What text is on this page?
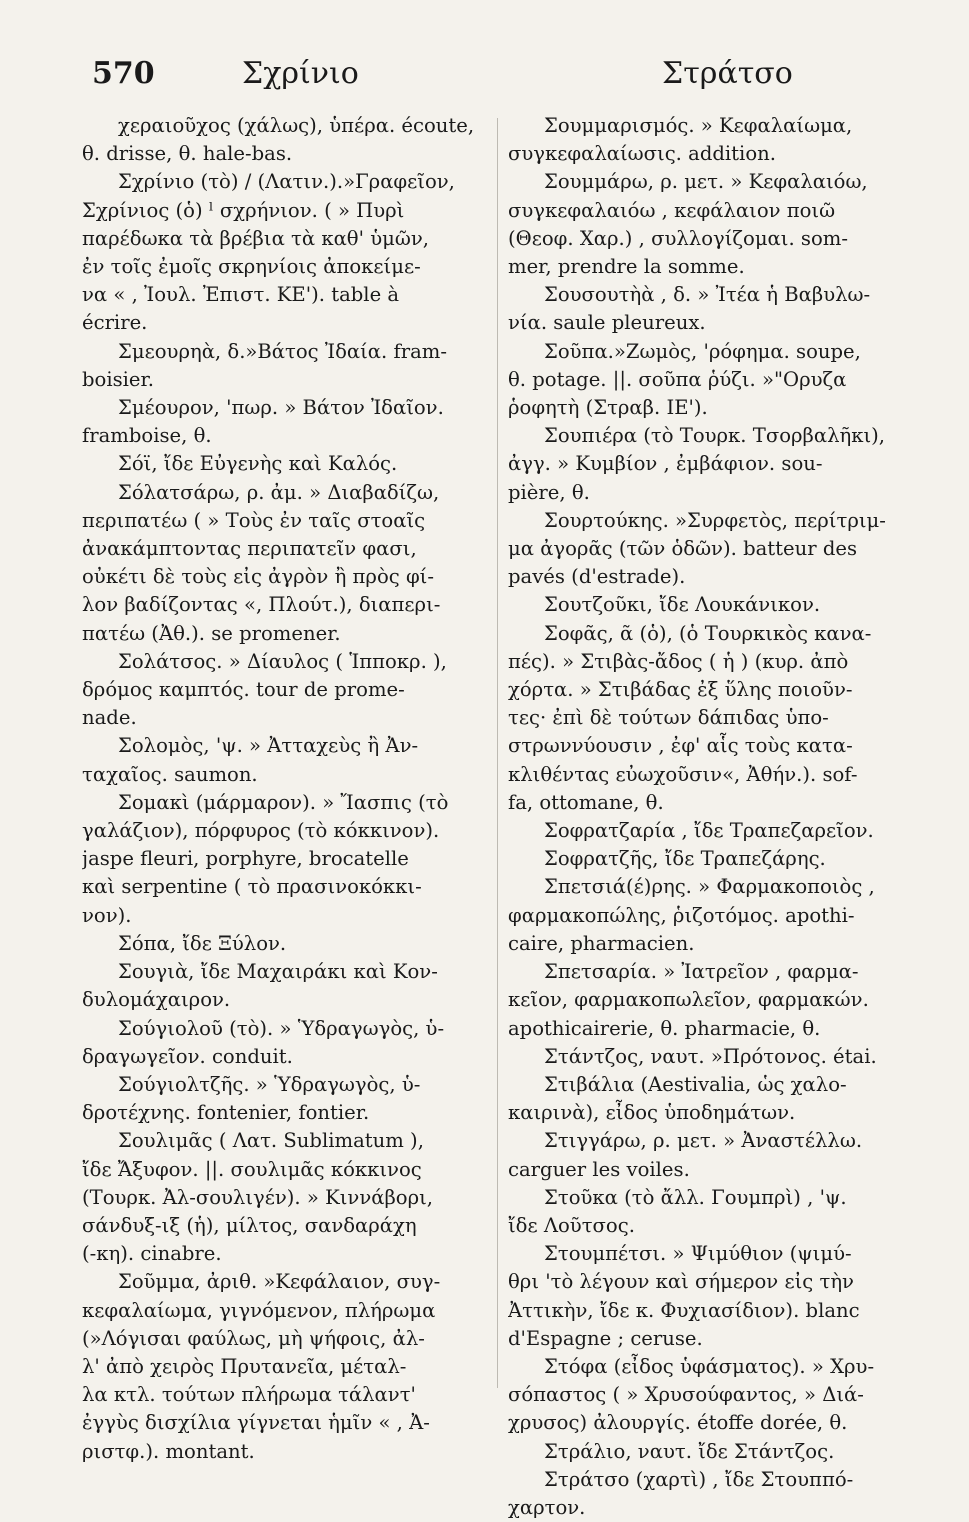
570	Σχρίνιο	Στράτσο
χεραιοῦχος (χάλως), ὑπέρα. écoute,
θ. drisse, θ. hale-bas.
Σχρίνιο (τὸ) / (Λατιν.).»Γραφεῖον,
Σχρίνιος (ὁ) ˡ σχρήνιον. ( » Πυρὶ
παρέδωκα τὰ βρέβια τὰ καθ' ὑμῶν,
ἐν τοῖς ἐμοῖς σκρηνίοις ἀποκείμε-
να « , Ἰουλ. Ἐπιστ. ΚΕ'). table à
écrire.
Σμεουρηὰ, δ.»Βάτος Ἰδαία. fram-
boisier.
Σμέουρον, 'πωρ. » Βάτον Ἰδαῖον.
framboise, θ.
Σόϊ, ἴδε Εὐγενὴς καὶ Καλός.
Σόλατσάρω, ρ. ἀμ. » Διαβαδίζω,
περιπατέω ( » Τοὺς ἐν ταῖς στοαῖς
ἀνακάμπτοντας περιπατεῖν φασι,
οὐκέτι δὲ τοὺς εἰς ἀγρὸν ἢ πρὸς φί-
λον βαδίζοντας «, Πλούτ.), διαπερι-
πατέω (Ἀθ.). se promener.
Σολάτσος. » Δίαυλος ( Ἱπποκρ. ),
δρόμος καμπτός. tour de prome-
nade.
Σολομὸς, 'ψ. » Ἀτταχεὺς ἢ Ἀν-
ταχαῖος. saumon.
Σομακὶ (μάρμαρον). » Ἴασπις (τὸ
γαλάζιον), πόρφυρος (τὸ κόκκινον).
jaspe fleuri, porphyre, brocatelle
καὶ serpentine ( τὸ πρασινοκόκκι-
νον).
Σόπα, ἴδε Ξύλον.
Σουγιὰ, ἴδε Μαχαιράκι καὶ Κον-
δυλομάχαιρον.
Σούγιολοῦ (τὸ). » Ὑδραγωγὸς, ὑ-
δραγωγεῖον. conduit.
Σούγιολτζῆς. » Ὑδραγωγὸς, ὑ-
δροτέχνης. fontenier, fontier.
Σουλιμᾶς ( Λατ. Sublimatum ),
ἴδε Ἄξυφον. ||. σουλιμᾶς κόκκινος
(Τουρκ. Ἀλ-σουλιγέν). » Κιννάβορι,
σάνδυξ-ιξ (ἡ), μίλτος, σανδαράχη
(-κη). cinabre.
Σοῦμμα, ἀριθ. »Κεφάλαιον, συγ-
κεφαλαίωμα, γιγνόμενον, πλήρωμα
(»Λόγισαι φαύλως, μὴ ψήφοις, ἀλ-
λ' ἀπὸ χειρὸς Πρυτανεῖα, μέταλ-
λα κτλ. τούτων πλήρωμα τάλαντ'
ἐγγὺς δισχίλια γίγνεται ἡμῖν « , Ἀ-
ριστφ.). montant.
Σουμμαρισμός. » Κεφαλαίωμα,
συγκεφαλαίωσις. addition.
Σουμμάρω, ρ. μετ. » Κεφαλαιόω,
συγκεφαλαιόω , κεφάλαιον ποιῶ
(Θεοφ. Χαρ.) , συλλογίζομαι. som-
mer, prendre la somme.
Σουσουτὴὰ , δ. » Ἰτέα ἡ Βαβυλω-
νία. saule pleureux.
Σοῦπα.»Ζωμὸς, 'ρόφημα. soupe,
θ. potage. ||. σοῦπα ῥύζι. »"Ορυζα
ῥοφητὴ (Στραβ. ΙΕ').
Σουπιέρα (τὸ Τουρκ. Τσορβαλῆκι),
ἀγγ. » Κυμβίον , ἐμβάφιον. sou-
pière, θ.
Σουρτούκης. »Συρφετὸς, περίτριμ-
μα ἀγορᾶς (τῶν ὁδῶν). batteur des
pavés (d'estrade).
Σουτζοῦκι, ἴδε Λουκάνικον.
Σοφᾶς, ᾶ (ὁ), (ὁ Τουρκικὸς κανα-
πές). » Στιβὰς-ἄδος ( ἡ ) (κυρ. ἀπὸ
χόρτα. » Στιβάδας ἐξ ὕλης ποιοῦν-
τες· ἐπὶ δὲ τούτων δάπιδας ὑπο-
στρωννύουσιν , ἐφ' αἷς τοὺς κατα-
κλιθέντας εὐωχοῦσιν«, Ἀθήν.). sof-
fa, ottomane, θ.
Σοφρατζαρία , ἴδε Τραπεζαρεῖον.
Σοφρατζῆς, ἴδε Τραπεζάρης.
Σπετσιά(έ)ρης. » Φαρμακοποιὸς ,
φαρμακοπώλης, ῥιζοτόμος. apothi-
caire, pharmacien.
Σπετσαρία. » Ἰατρεῖον , φαρμα-
κεῖον, φαρμακοπωλεῖον, φαρμακών.
apothicairerie, θ. pharmacie, θ.
Στάντζος, ναυτ. »Πρότονος. étai.
Στιβάλια (Aestivalia, ὡς χαλο-
καιρινὰ), εἶδος ὑποδημάτων.
Στιγγάρω, ρ. μετ. » Ἀναστέλλω.
carguer les voiles.
Στοῦκα (τὸ ἄλλ. Γουμπρὶ) , 'ψ.
ἴδε Λοῦτσος.
Στουμπέτσι. » Ψιμύθιον (ψιμύ-
θρι 'τὸ λέγουν καὶ σήμερον εἰς τὴν
Ἀττικὴν, ἴδε κ. Φυχιασίδιον). blanc
d'Espagne ; ceruse.
Στόφα (εἶδος ὑφάσματος). » Χρυ-
σόπαστος ( » Χρυσούφαντος, » Διά-
χρυσος) ἀλουργίς. étoffe dorée, θ.
Στράλιο, ναυτ. ἴδε Στάντζος.
Στράτσο (χαρτὶ) , ἴδε Στουππό-
χαρτον.
